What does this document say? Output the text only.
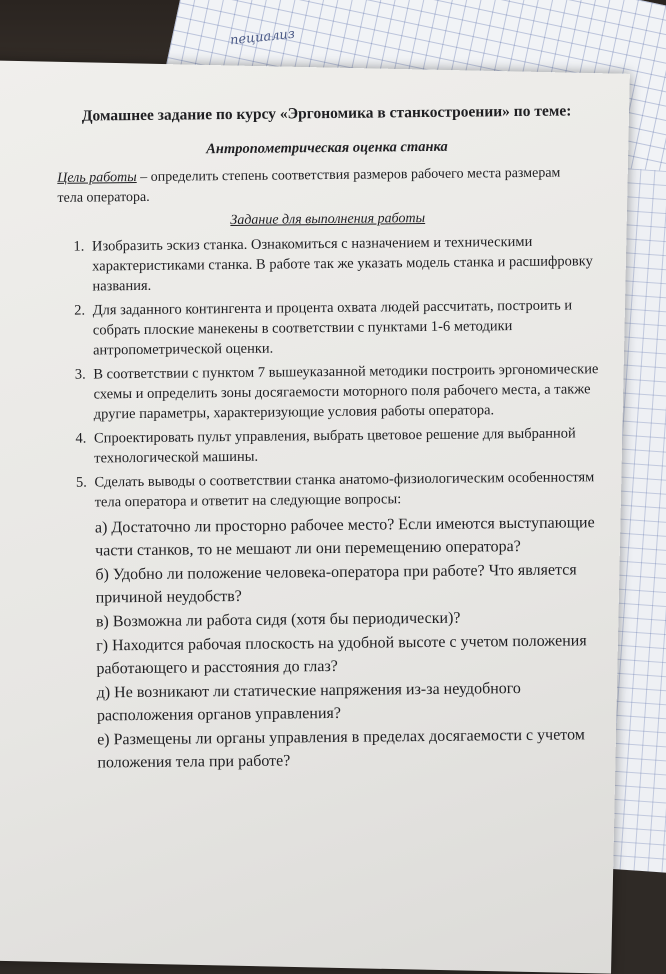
пециализ
Домашнее задание по курсу «Эргономика в станкостроении» по теме:
Антропометрическая оценка станка
Цель работы – определить степень соответствия размеров рабочего места размерам тела оператора.
Задание для выполнения работы
1. Изобразить эскиз станка. Ознакомиться с назначением и техническими характеристиками станка. В работе так же указать модель станка и расшифровку названия.
2. Для заданного контингента и процента охвата людей рассчитать, построить и собрать плоские манекены в соответствии с пунктами 1-6 методики антропометрической оценки.
3. В соответствии с пунктом 7 вышеуказанной методики построить эргономические схемы и определить зоны досягаемости моторного поля рабочего места, а также другие параметры, характеризующие условия работы оператора.
4. Спроектировать пульт управления, выбрать цветовое решение для выбранной технологической машины.
5. Сделать выводы о соответствии станка анатомо-физиологическим особенностям тела оператора и ответит на следующие вопросы:
а) Достаточно ли просторно рабочее место? Если имеются выступающие части станков, то не мешают ли они перемещению оператора?
б) Удобно ли положение человека-оператора при работе? Что является причиной неудобств?
в) Возможна ли работа сидя (хотя бы периодически)?
г) Находится рабочая плоскость на удобной высоте с учетом положения работающего и расстояния до глаз?
д) Не возникают ли статические напряжения из-за неудобного расположения органов управления?
е) Размещены ли органы управления в пределах досягаемости с учетом положения тела при работе?
